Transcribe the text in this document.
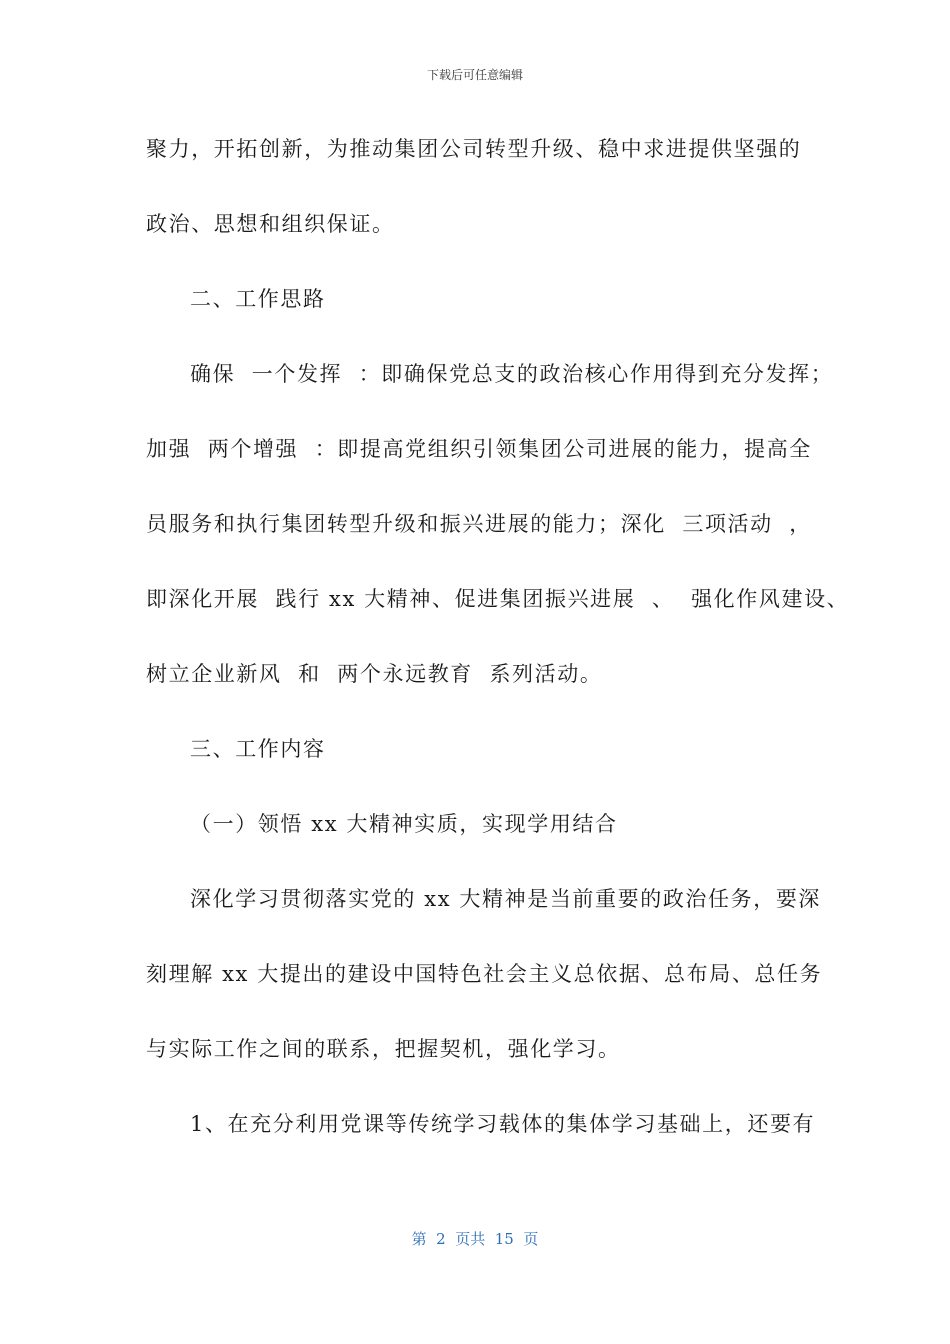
下载后可任意编辑
聚力，开拓创新，为推动集团公司转型升级、稳中求进提供坚强的
政治、思想和组织保证。
二、工作思路
确保  一个发挥  ：即确保党总支的政治核心作用得到充分发挥；
加强  两个增强  ：即提高党组织引领集团公司进展的能力，提高全
员服务和执行集团转型升级和振兴进展的能力；深化  三项活动  ，
即深化开展  践行 xx 大精神、促进集团振兴进展  、  强化作风建设、
树立企业新风  和  两个永远教育  系列活动。
三、工作内容
（一）领悟 xx 大精神实质，实现学用结合
深化学习贯彻落实党的 xx 大精神是当前重要的政治任务，要深
刻理解 xx 大提出的建设中国特色社会主义总依据、总布局、总任务
与实际工作之间的联系，把握契机，强化学习。
1、在充分利用党课等传统学习载体的集体学习基础上，还要有
第  2  页共  15  页
